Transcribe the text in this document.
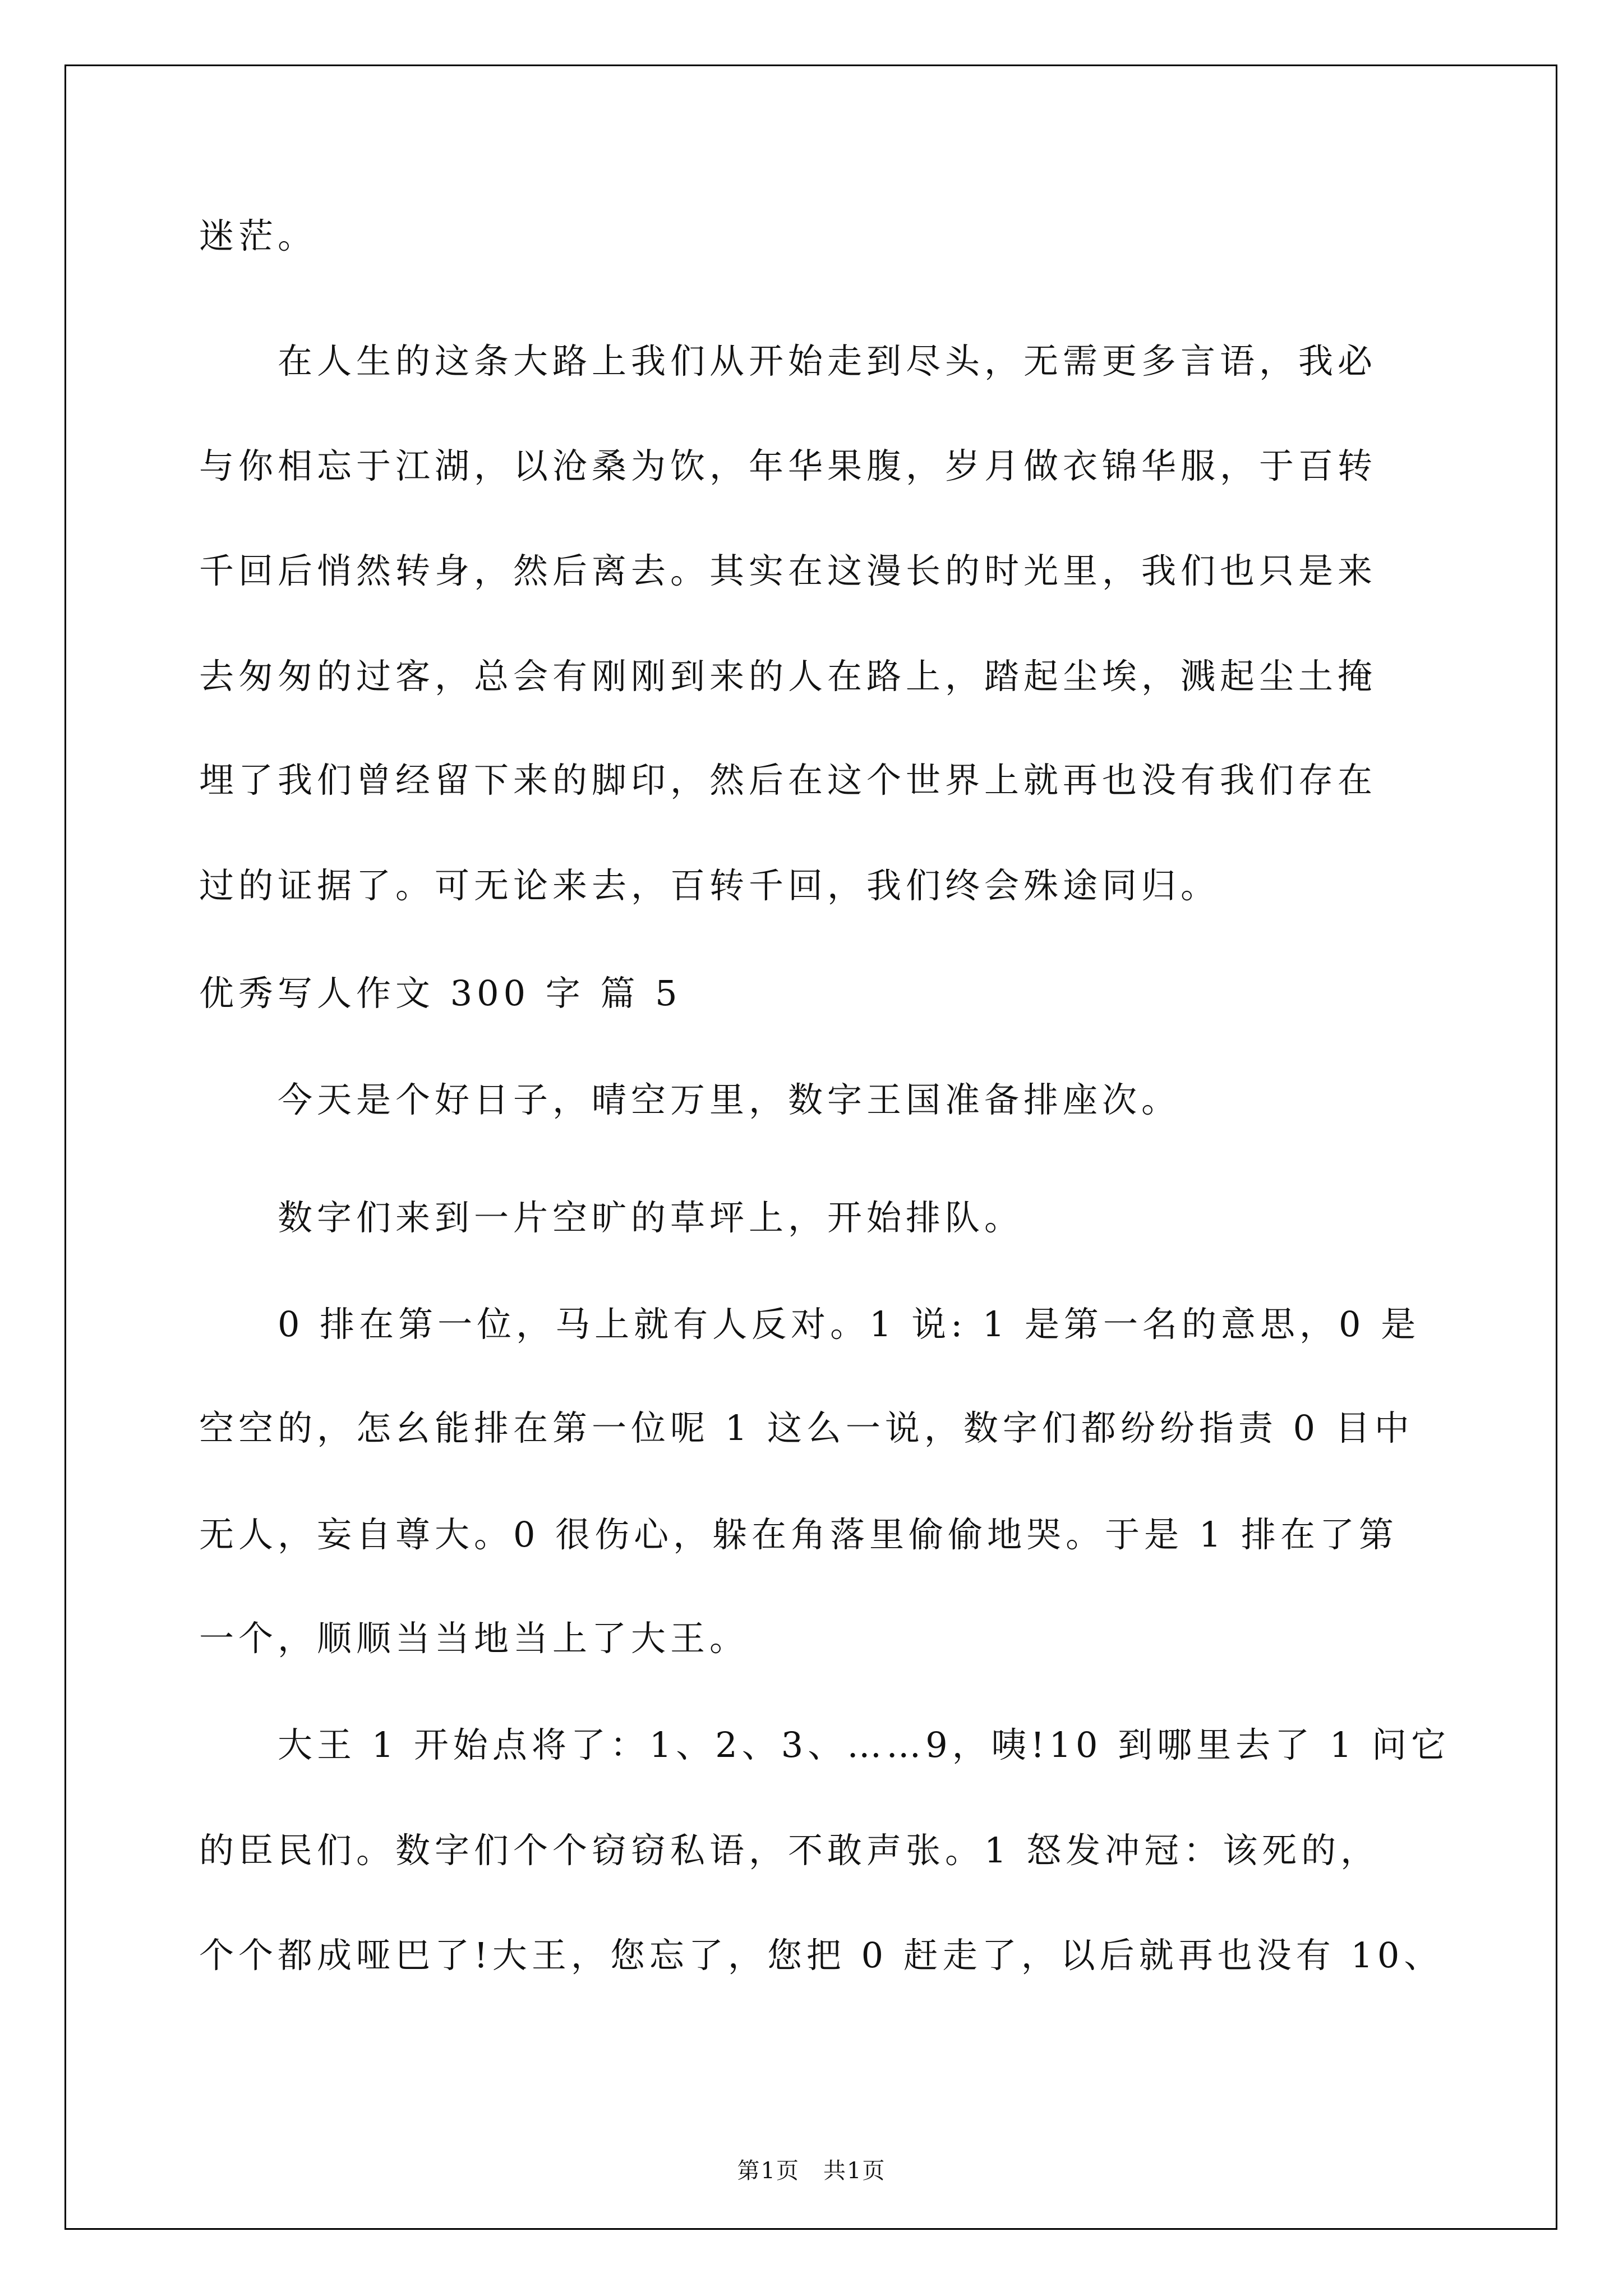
迷茫。
　　在人生的这条大路上我们从开始走到尽头，无需更多言语，我必
与你相忘于江湖，以沧桑为饮，年华果腹，岁月做衣锦华服，于百转
千回后悄然转身，然后离去。其实在这漫长的时光里，我们也只是来
去匆匆的过客，总会有刚刚到来的人在路上，踏起尘埃，溅起尘土掩
埋了我们曾经留下来的脚印，然后在这个世界上就再也没有我们存在
过的证据了。可无论来去，百转千回，我们终会殊途同归。
优秀写人作文 300 字 篇 5
　　今天是个好日子，晴空万里，数字王国准备排座次。
　　数字们来到一片空旷的草坪上，开始排队。
　　0 排在第一位，马上就有人反对。1 说: 1 是第一名的意思，0 是
空空的，怎幺能排在第一位呢 1 这么一说，数字们都纷纷指责 0 目中
无人，妄自尊大。0 很伤心，躲在角落里偷偷地哭。于是 1 排在了第
一个，顺顺当当地当上了大王。
　　大王 1 开始点将了：1、2、3、……9，咦!10 到哪里去了 1 问它
的臣民们。数字们个个窃窃私语，不敢声张。1 怒发冲冠：该死的，
个个都成哑巴了!大王，您忘了，您把 0 赶走了，以后就再也没有 10、
第1页　共1页
